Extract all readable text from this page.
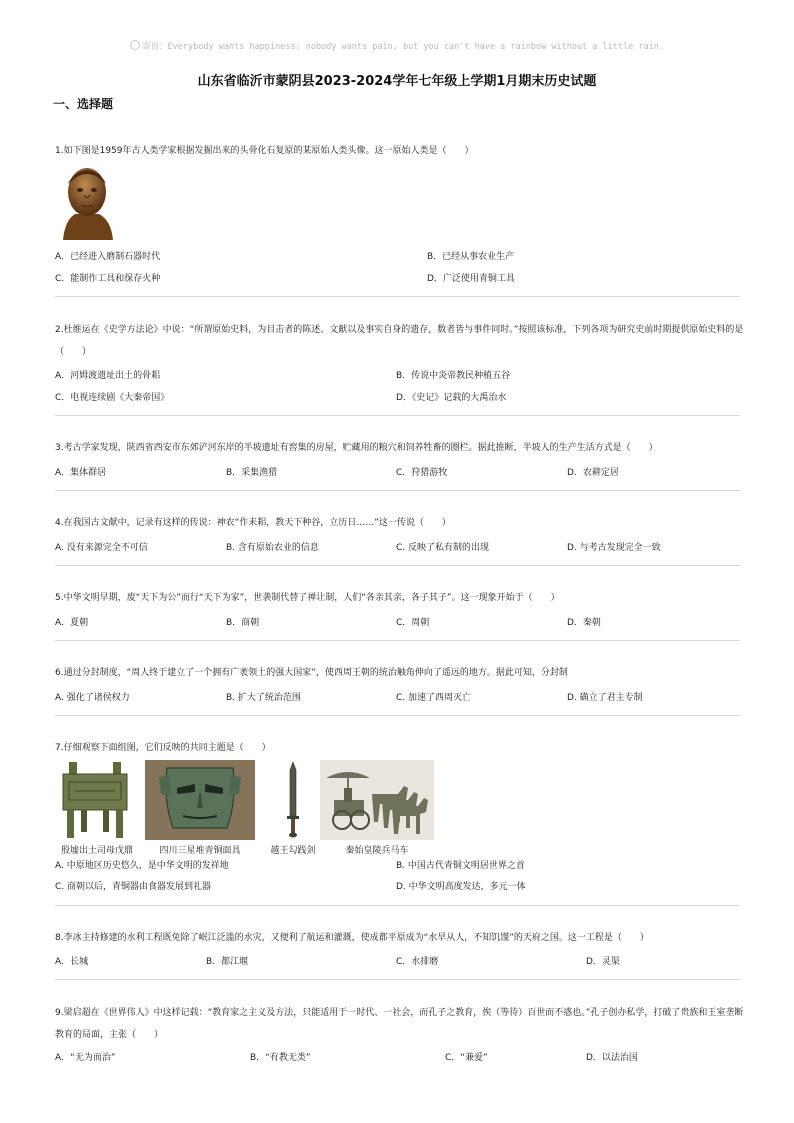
寄语：Everybody wants happiness; nobody wants pain, but you can't have a rainbow without a little rain.
山东省临沂市蒙阴县2023-2024学年七年级上学期1月期末历史试题
一、选择题
1.如下图是1959年古人类学家根据发掘出来的头骨化石复原的某原始人类头像。这一原始人类是（　　）
A．已经进入磨制石器时代	B．已经从事农业生产
C．能制作工具和保存火种	D．广泛使用青铜工具
2.杜维运在《史学方法论》中说：“所谓原始史料，为目击者的陈述、文献以及事实自身的遗存，数者皆与事件同时。”按照该标准，下列各项为研究史前时期提供原始史料的是（　　）
A．河姆渡遗址出土的骨耜	B．传说中炎帝教民种植五谷
C．电视连续剧《大秦帝国》	D．《史记》记载的大禹治水
3.考古学家发现，陕西省西安市东郊浐河东岸的半坡遗址有窖集的房屋，贮藏用的粮穴和饲养牲畜的圈栏。据此推断，半坡人的生产生活方式是（　　）
A．集体群居	B．采集渔猎	C．狩猎游牧	D．农耕定居
4.在我国古文献中，记录有这样的传说：神农“作耒耜，教天下种谷，立历日……”这一传说（　　）
A. 没有来源完全不可信	B. 含有原始农业的信息	C. 反映了私有制的出现	D. 与考古发现完全一致
5.中华文明早期，废“天下为公”而行“天下为家”，世袭制代替了禅让制，人们“各亲其亲，各子其子”。这一现象开始于（　　）
A．夏朝	B．商朝	C．周朝	D．秦朝
6.通过分封制度，“周人终于建立了一个拥有广袤领土的强大国家”，使西周王朝的统治触角伸向了遥远的地方。据此可知，分封制
A. 强化了诸侯权力	B. 扩大了统治范围	C. 加速了西周灭亡	D. 确立了君主专制
7.仔细观察下面组图，它们反映的共同主题是（　　）
殷墟出土司母戊鼎	四川三星堆青铜面具	越王勾践剑	秦始皇陵兵马车
A. 中原地区历史悠久，是中华文明的发祥地	B. 中国古代青铜文明居世界之首
C. 商朝以后，青铜器由食器发展到礼器	D. 中华文明高度发达，多元一体
8.李冰主持修建的水利工程既免除了岷江泛滥的水灾，又便利了航运和灌溉，使成都平原成为“水旱从人，不知饥馑”的天府之国。这一工程是（　　）
A．长城	B．都江堰	C．水排磨	D．灵渠
9.梁启超在《世界伟人》中这样记载：“教育家之主义及方法，只能适用于一时代、一社会，而孔子之教育，俟（等待）百世而不惑也。”孔子创办私学，打破了贵族和王室垄断教育的局面，主张（　　）
A．“无为而治”	B．“有教无类”	C．“兼爱”	D．以法治国
